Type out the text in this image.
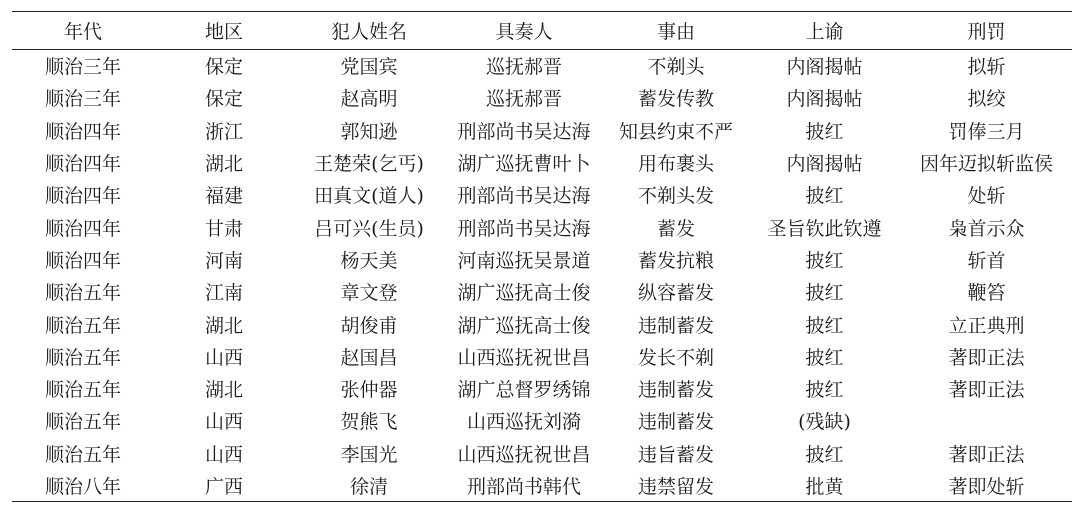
年代	地区	犯人姓名	具奏人	事由	上谕	刑罚
顺治三年	保定	党国宾	巡抚郝晋	不剃头	内阁揭帖	拟斩
顺治三年	保定	赵高明	巡抚郝晋	蓄发传教	内阁揭帖	拟绞
顺治四年	浙江	郭知逊	刑部尚书吴达海	知县约束不严	披红	罚俸三月
顺治四年	湖北	王楚荣(乞丐)	湖广巡抚曹叶卜	用布裹头	内阁揭帖	因年迈拟斩监侯
顺治四年	福建	田真文(道人)	刑部尚书吴达海	不剃头发	披红	处斩
顺治四年	甘肃	吕可兴(生员)	刑部尚书吴达海	蓄发	圣旨钦此钦遵	枭首示众
顺治四年	河南	杨天美	河南巡抚吴景道	蓄发抗粮	披红	斩首
顺治五年	江南	章文登	湖广巡抚高士俊	纵容蓄发	披红	鞭笞
顺治五年	湖北	胡俊甫	湖广巡抚高士俊	违制蓄发	披红	立正典刑
顺治五年	山西	赵国昌	山西巡抚祝世昌	发长不剃	披红	著即正法
顺治五年	湖北	张仲器	湖广总督罗绣锦	违制蓄发	披红	著即正法
顺治五年	山西	贺熊飞	山西巡抚刘漪	违制蓄发	(残缺)	
顺治五年	山西	李国光	山西巡抚祝世昌	违旨蓄发	披红	著即正法
顺治八年	广西	徐清	刑部尚书韩代	违禁留发	批黄	著即处斩
